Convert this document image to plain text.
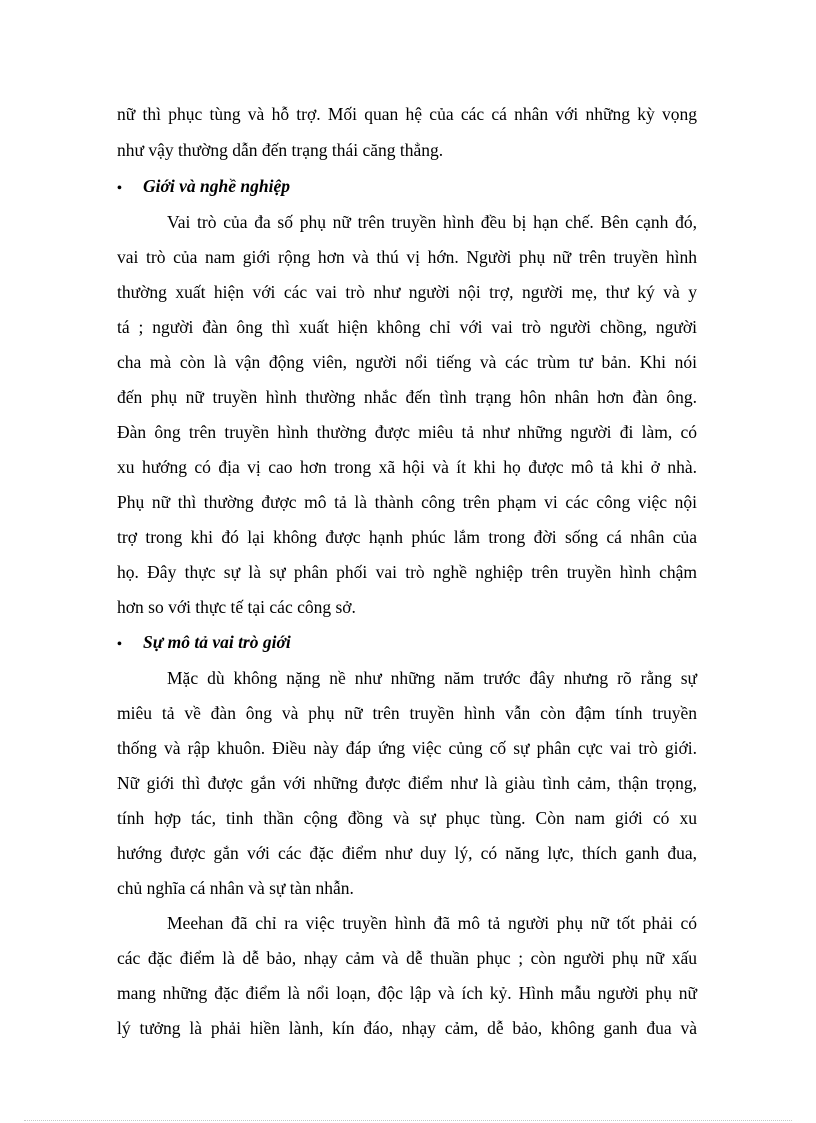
nữ thì phục tùng và hỗ trợ. Mối quan hệ của các cá nhân với những kỳ vọng
như vậy thường dẫn đến trạng thái căng thẳng.
• Giới và nghề nghiệp
Vai trò của đa số phụ nữ trên truyền hình đều bị hạn chế. Bên cạnh đó,
vai trò của nam giới rộng hơn và thú vị hớn. Người phụ nữ trên truyền hình
thường xuất hiện với các vai trò như người nội trợ, người mẹ, thư ký và y
tá ; người đàn ông thì xuất hiện không chỉ với vai trò người chồng, người
cha mà còn là vận động viên, người nổi tiếng và các trùm tư bản. Khi nói
đến phụ nữ truyền hình thường nhắc đến tình trạng hôn nhân hơn đàn ông.
Đàn ông trên truyền hình thường được miêu tả như những người đi làm, có
xu hướng có địa vị cao hơn trong xã hội và ít khi họ được mô tả khi ở nhà.
Phụ nữ thì thường được mô tả là thành công trên phạm vi các công việc nội
trợ trong khi đó lại không được hạnh phúc lắm trong đời sống cá nhân của
họ. Đây thực sự là sự phân phối vai trò nghề nghiệp trên truyền hình chậm
hơn so với thực tế tại các công sở.
• Sự mô tả vai trò giới
Mặc dù không nặng nề như những năm trước đây nhưng rõ rằng sự
miêu tả về đàn ông và phụ nữ trên truyền hình vẫn còn đậm tính truyền
thống và rập khuôn. Điều này đáp ứng việc củng cố sự phân cực vai trò giới.
Nữ giới thì được gắn với những được điểm như là giàu tình cảm, thận trọng,
tính hợp tác, tinh thần cộng đồng và sự phục tùng. Còn nam giới có xu
hướng được gắn với các đặc điểm như duy lý, có năng lực, thích ganh đua,
chủ nghĩa cá nhân và sự tàn nhẫn.
Meehan đã chỉ ra việc truyền hình đã mô tả người phụ nữ tốt phải có
các đặc điểm là dễ bảo, nhạy cảm và dễ thuần phục ; còn người phụ nữ xấu
mang những đặc điểm là nổi loạn, độc lập và ích kỷ. Hình mẫu người phụ nữ
lý tưởng là phải hiền lành, kín đáo, nhạy cảm, dễ bảo, không ganh đua và
